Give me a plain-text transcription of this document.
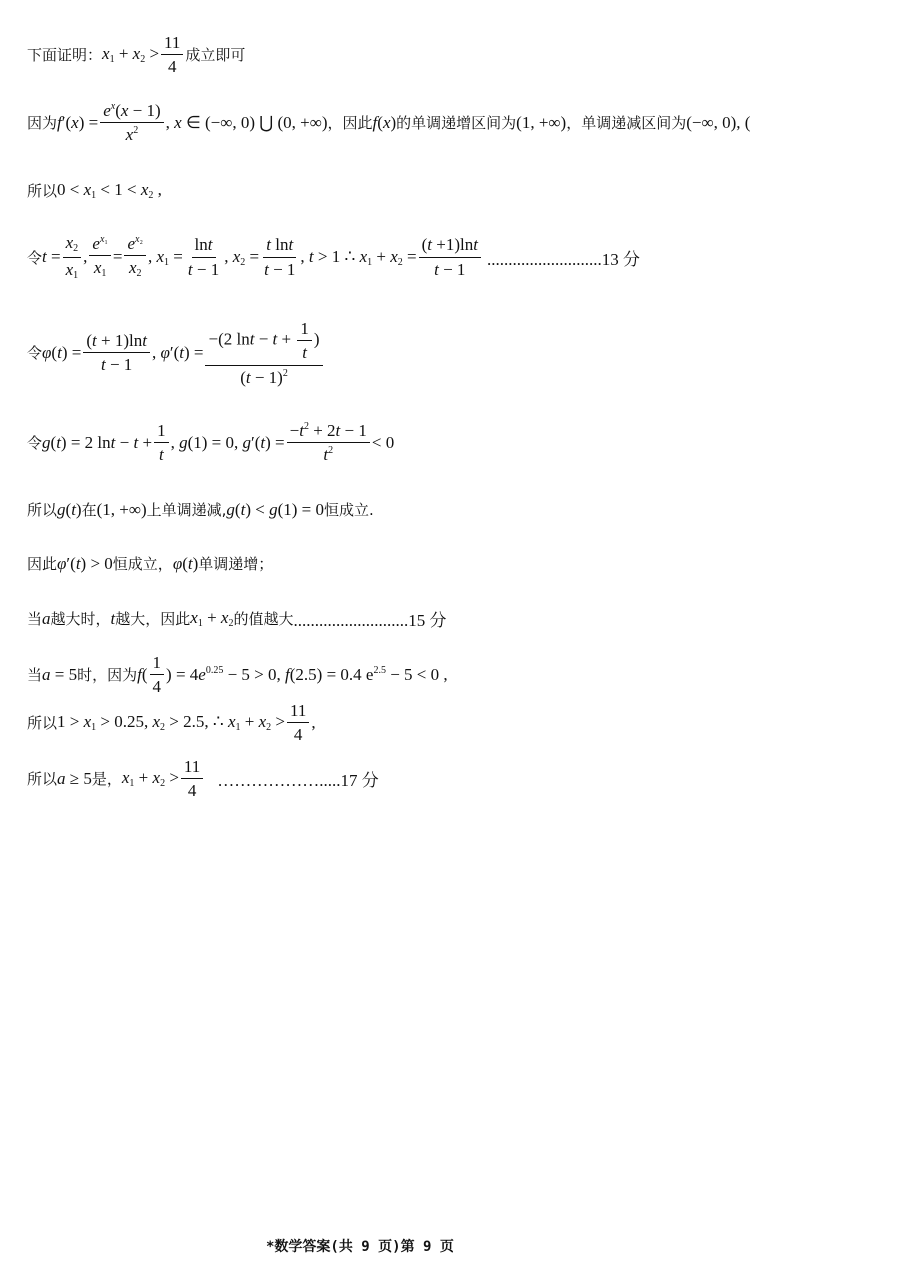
下面证明： $x_1 + x_2 > \frac{11}{4}$ 成立即可
因为 $f'(x) = \frac{e^x(x - 1)}{x^2}$ , x ∈ (−∞, 0) ⋃ (0, +∞) ，因此 f(x) 的单调递增区间为 (1, +∞) ，单调递减区间为 (−∞, 0), (
所以 $0 < x_1 < 1 < x_2$ ,
令 $t = \frac{x_2}{x_1}$ , $\frac{e^{x_1}}{x_1} = \frac{e^{x_2}}{x_2}$ , $x_1 = \frac{\ln t}{t - 1}$ , $x_2 = \frac{\text{t lnt}}{t - 1}$ , t > 1 ∴ $x_1 + x_2 = \frac{(t +1)\ln t}{t - 1} ...........................13$ 分
令 $\varphi(t) = \frac{(t + 1)\ln t}{t - 1}$ , $\varphi'(t) = \frac{-(2 \ln t - t + \frac{1}{t} )}{(t - 1)^2}$
令 g(t) = 2 $\ln t - t + \frac{1}{t}$ , g(1) = 0, $g'(t) = \frac{-t^2 + 2t - 1}{t^2} < 0$
所以 g(t) 在 (1, +∞) 上单调递减, g(t) < g(1) = 0 恒成立.
因此 φ′(t) > 0 恒成立， φ(t) 单调递增；
当 a 越大时， t 越大，因此 $x_1 + x_2$ 的值越大 ...........................15 分
当 a = 5 时，因为 $f( \frac{1}{4}$ ) = $4e^{0.25} - 5 > 0$, f(2.5) = 0.4 $e^{2.5} - 5 < 0$ ,
所以 $1 > x_1 > 0.25$, $x_2 > 2.5$, ∴ $x_1 + x_2 > \frac{11}{4}$ ,
所以 a ≥ 5 是， $x_1 + x_2 > \frac{11}{4}$ ……………….....17 分
*数学答案(共 9 页)第 9 页
